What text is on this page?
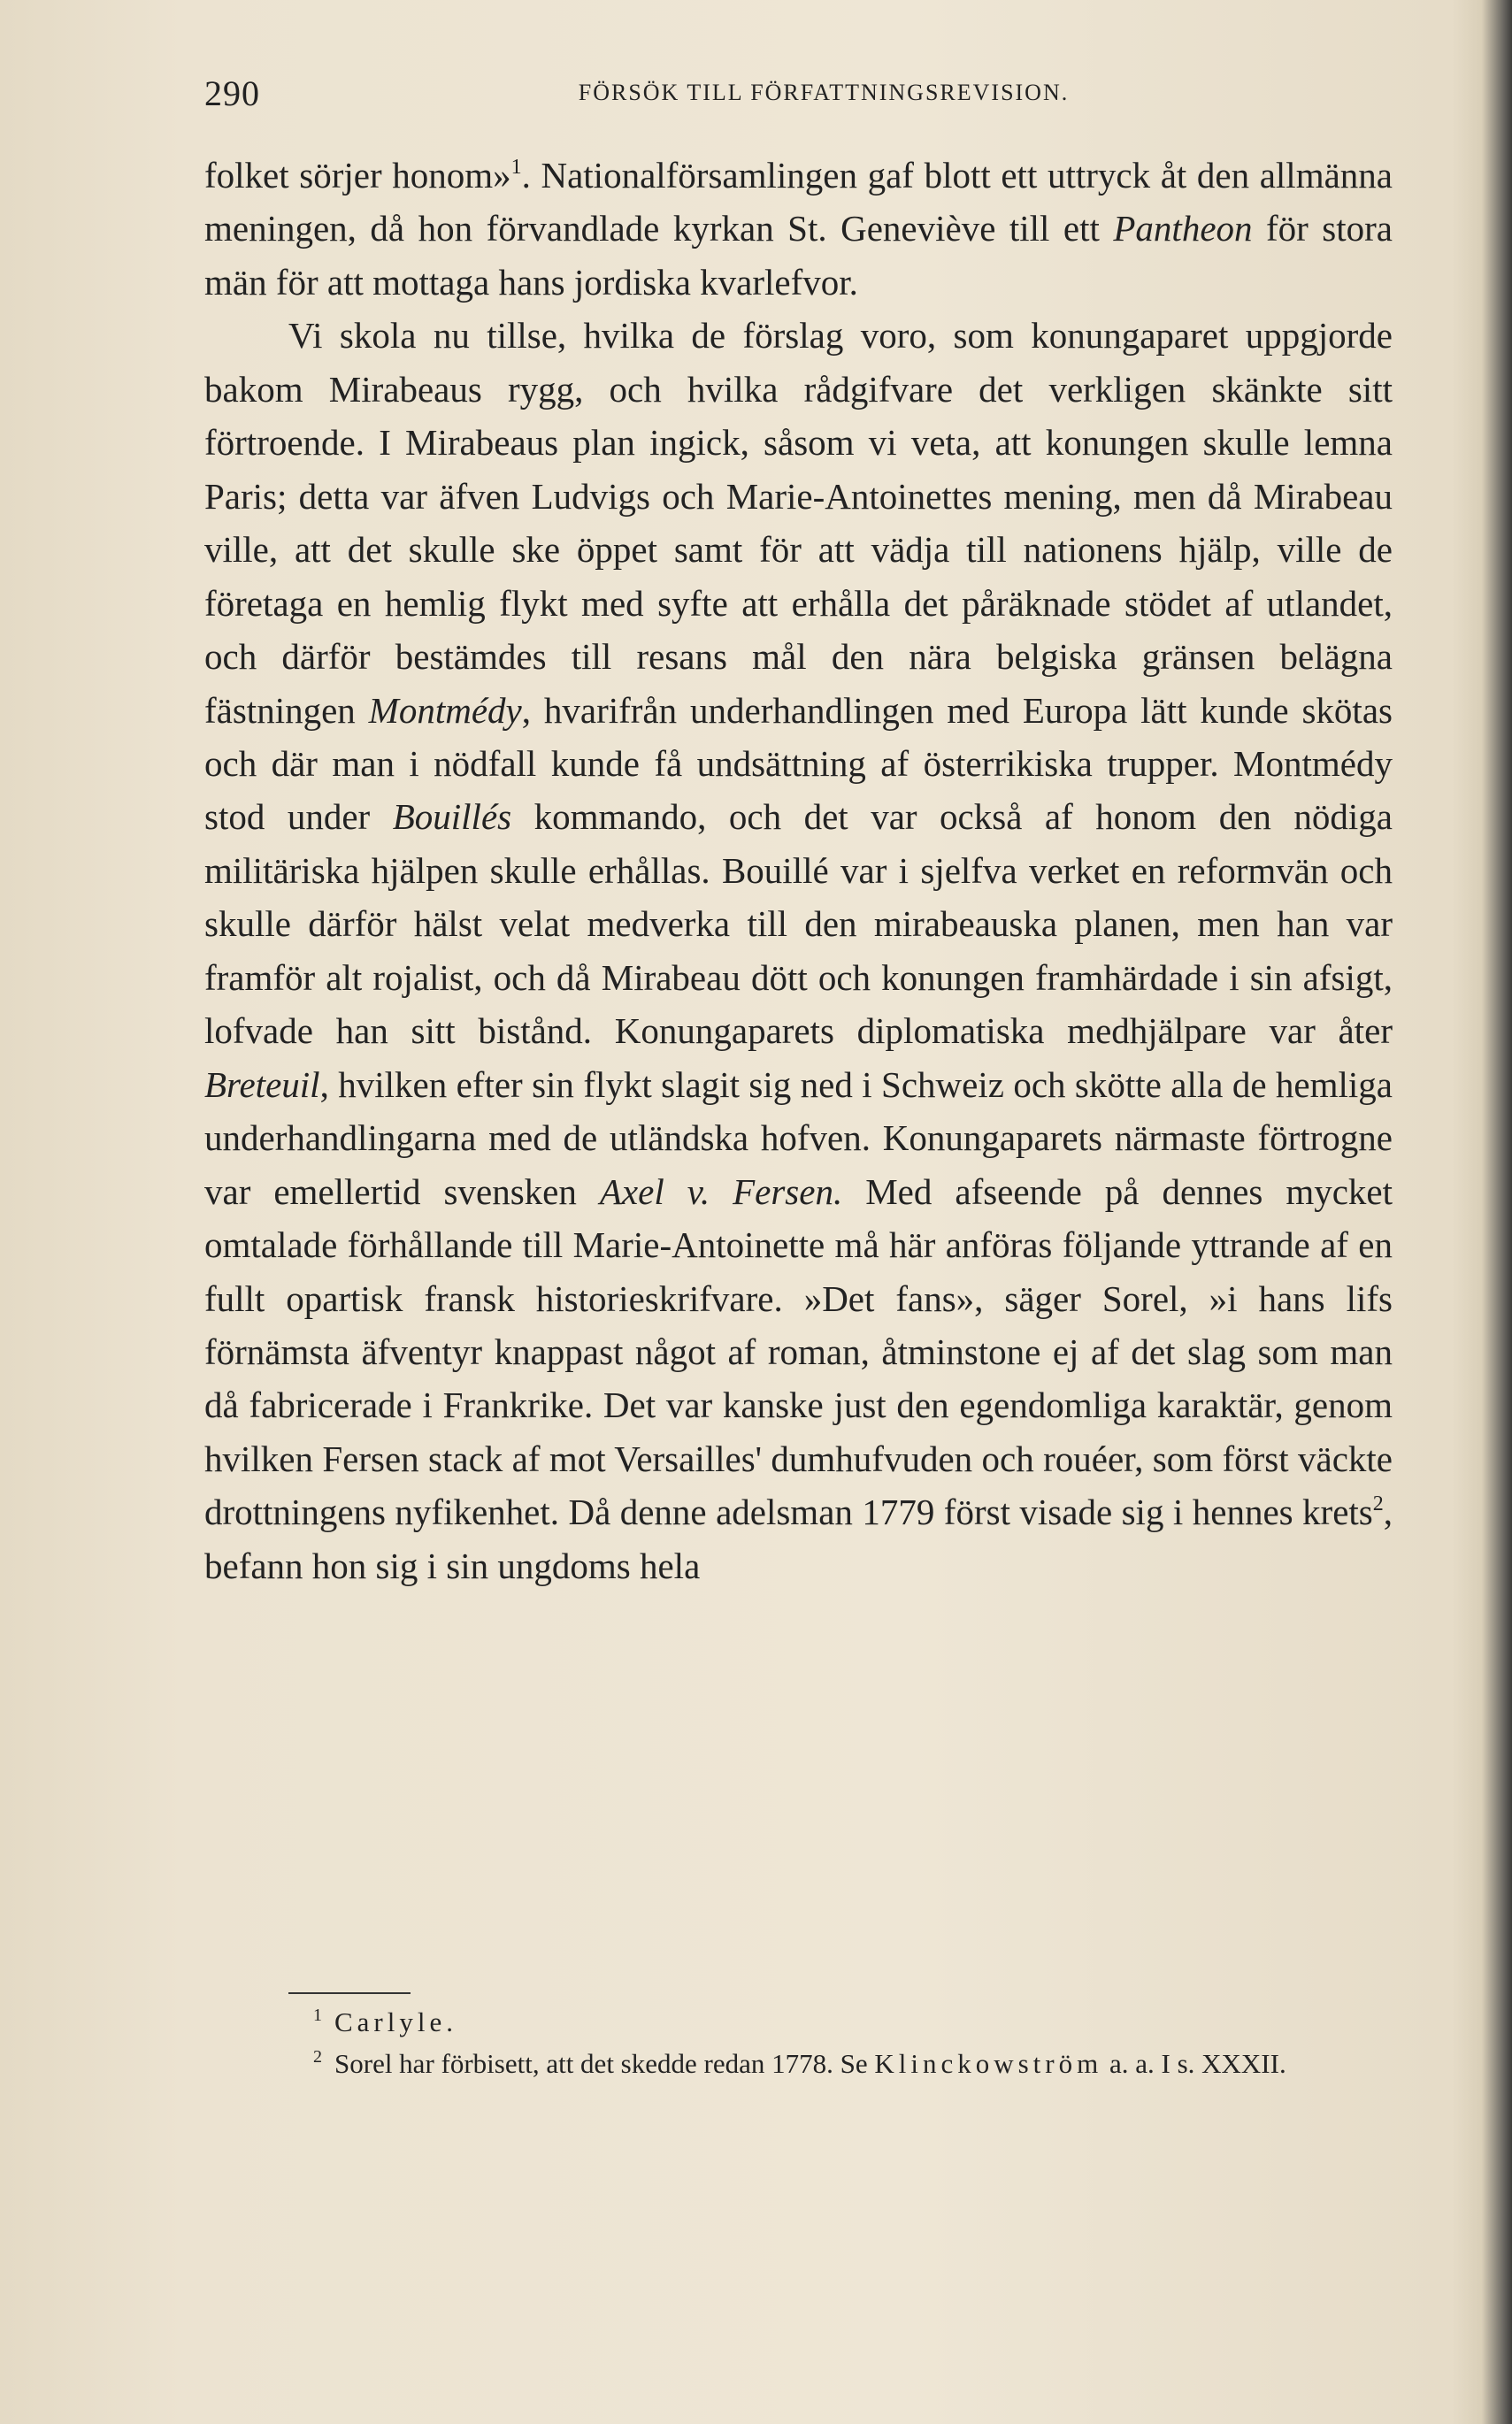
290	FÖRSÖK TILL FÖRFATTNINGSREVISION.

folket sörjer honom»$^1$. Nationalförsamlingen gaf blott ett uttryck åt den allmänna meningen, då hon förvandlade kyrkan St. Geneviève till ett Pantheon för stora män för att mottaga hans jordiska kvarlefvor.

Vi skola nu tillse, hvilka de förslag voro, som konungaparet uppgjorde bakom Mirabeaus rygg, och hvilka rådgifvare det verkligen skänkte sitt förtroende. I Mirabeaus plan ingick, såsom vi veta, att konungen skulle lemna Paris; detta var äfven Ludvigs och Marie-Antoinettes mening, men då Mirabeau ville, att det skulle ske öppet samt för att vädja till nationens hjälp, ville de företaga en hemlig flykt med syfte att erhålla det påräknade stödet af utlandet, och därför bestämdes till resans mål den nära belgiska gränsen belägna fästningen Montmédy, hvarifrån underhandlingen med Europa lätt kunde skötas och där man i nödfall kunde få undsättning af österrikiska trupper. Montmédy stod under Bouillés kommando, och det var också af honom den nödiga militäriska hjälpen skulle erhållas. Bouillé var i sjelfva verket en reformvän och skulle därför hälst velat medverka till den mirabeauska planen, men han var framför alt rojalist, och då Mirabeau dött och konungen framhärdade i sin afsigt, lofvade han sitt bistånd. Konungaparets diplomatiska medhjälpare var åter Breteuil, hvilken efter sin flykt slagit sig ned i Schweiz och skötte alla de hemliga underhandlingarna med de utländska hofven. Konungaparets närmaste förtrogne var emellertid svensken Axel v. Fersen. Med afseende på dennes mycket omtalade förhållande till Marie-Antoinette må här anföras följande yttrande af en fullt opartisk fransk historieskrifvare. »Det fans», säger Sorel, »i hans lifs förnämsta äfventyr knappast något af roman, åtminstone ej af det slag som man då fabricerade i Frankrike. Det var kanske just den egendomliga karaktär, genom hvilken Fersen stack af mot Versailles' dumhufvuden och rouéer, som först väckte drottningens nyfikenhet. Då denne adelsman 1779 först visade sig i hennes krets$^2$, befann hon sig i sin ungdoms hela

$^1$ Carlyle.

$^2$ Sorel har förbisett, att det skedde redan 1778. Se Klinckowström a. a. I s. XXXII.
